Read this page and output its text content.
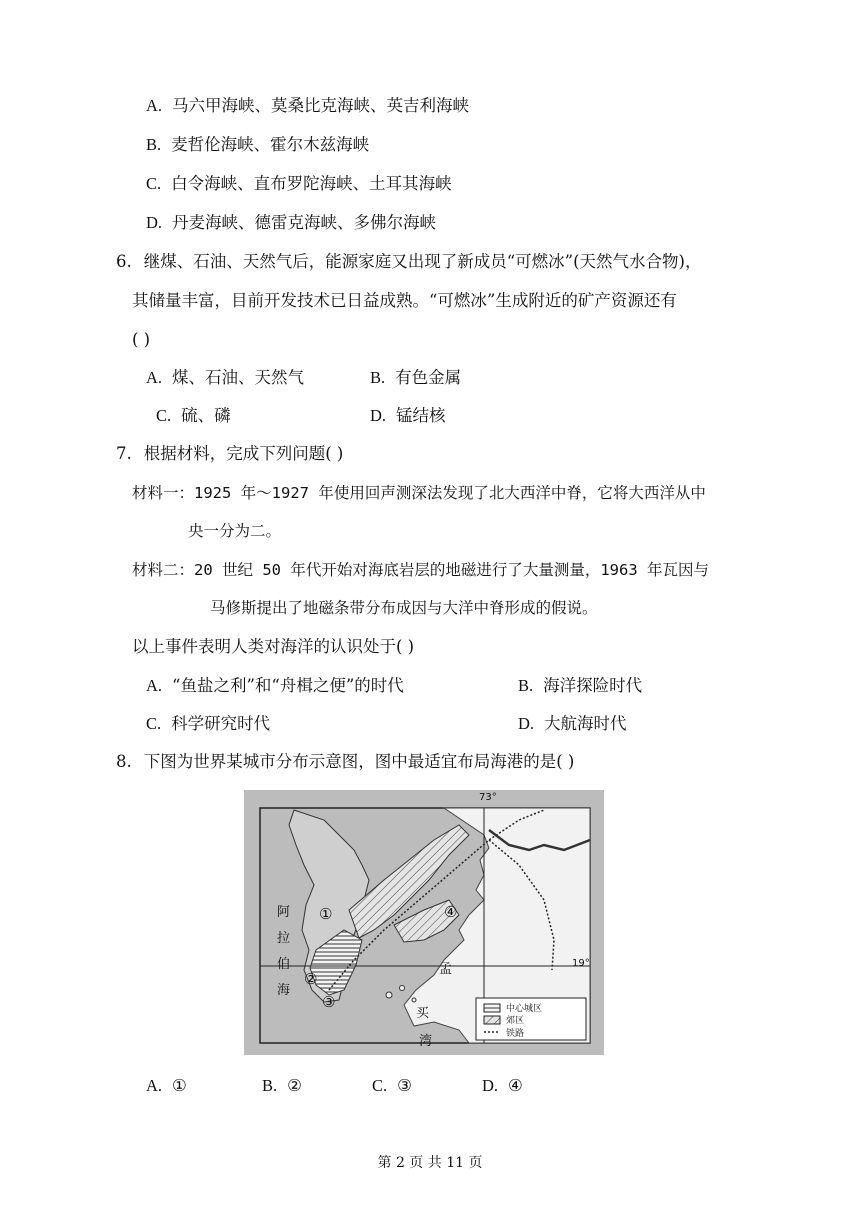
A. 马六甲海峡、莫桑比克海峡、英吉利海峡
B. 麦哲伦海峡、霍尔木兹海峡
C. 白令海峡、直布罗陀海峡、土耳其海峡
D. 丹麦海峡、德雷克海峡、多佛尔海峡
6. 继煤、石油、天然气后，能源家庭又出现了新成员“可燃冰”(天然气水合物)，
其储量丰富，目前开发技术已日益成熟。“可燃冰”生成附近的矿产资源还有
( )
A. 煤、石油、天然气	B. 有色金属
C. 硫、磷	D. 锰结核
7. 根据材料，完成下列问题( )
材料一：1925 年～1927 年使用回声测深法发现了北大西洋中脊，它将大西洋从中
央一分为二。
材料二：20 世纪 50 年代开始对海底岩层的地磁进行了大量测量，1963 年瓦因与
马修斯提出了地磁条带分布成因与大洋中脊形成的假说。
以上事件表明人类对海洋的认识处于( )
A. “鱼盐之利”和“舟楫之便”的时代	B. 海洋探险时代
C. 科学研究时代	D. 大航海时代
8. 下图为世界某城市分布示意图，图中最适宜布局海港的是( )
73°
19°
阿
拉
伯
海
孟
买
湾
①
②
③
④
中心城区
郊区
铁路
A. ①	B. ②	C. ③	D. ④
第 2 页 共 11 页
